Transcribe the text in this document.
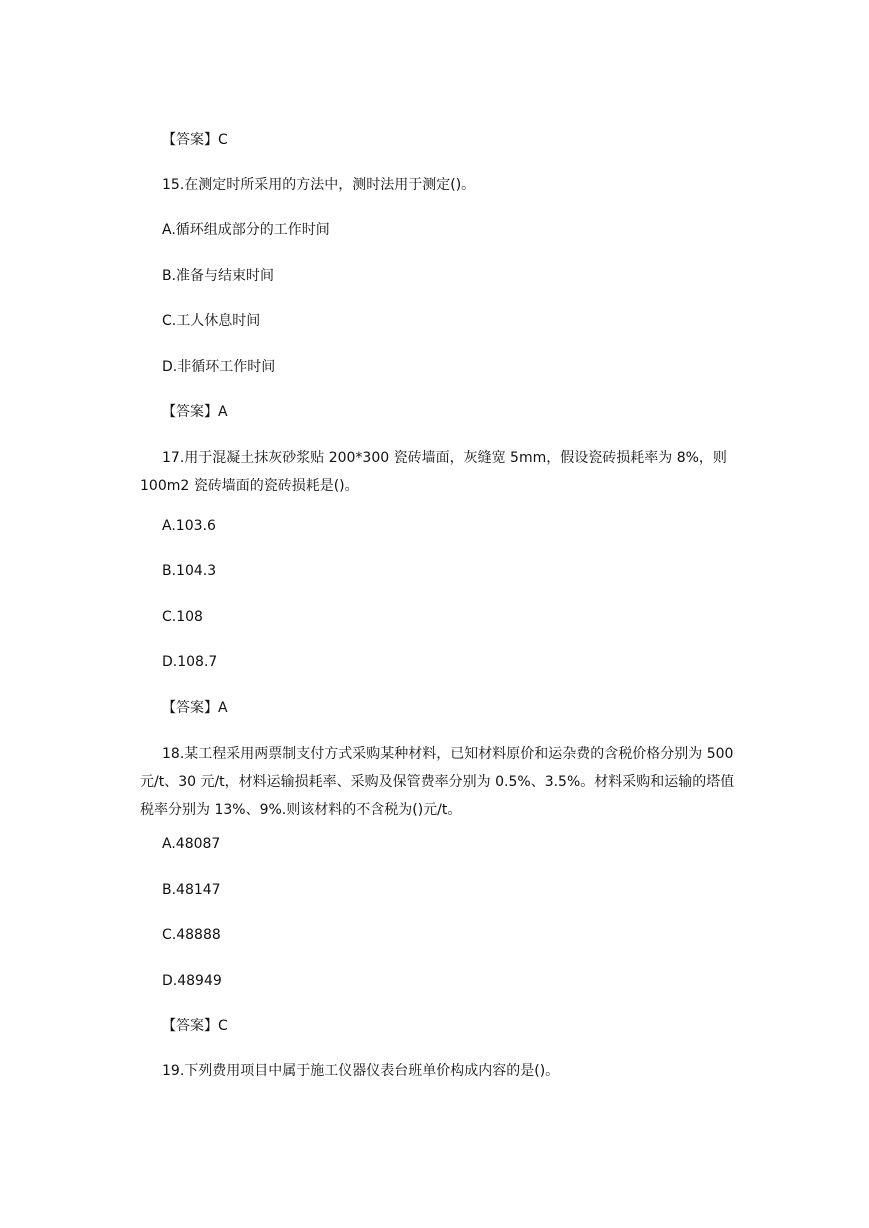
【答案】C
15.在测定时所采用的方法中，测时法用于测定()。
A.循环组成部分的工作时间
B.准备与结束时间
C.工人休息时间
D.非循环工作时间
【答案】A
17.用于混凝土抹灰砂浆贴 200*300 瓷砖墙面，灰缝宽 5mm，假设瓷砖损耗率为 8%，则 100m2 瓷砖墙面的瓷砖损耗是()。
A.103.6
B.104.3
C.108
D.108.7
【答案】A
18.某工程采用两票制支付方式采购某种材料，已知材料原价和运杂费的含税价格分别为 500 元/t、30 元/t，材料运输损耗率、采购及保管费率分别为 0.5%、3.5%。材料采购和运输的塔值税率分别为 13%、9%.则该材料的不含税为()元/t。
A.48087
B.48147
C.48888
D.48949
【答案】C
19.下列费用项目中属于施工仪器仪表台班单价构成内容的是()。
